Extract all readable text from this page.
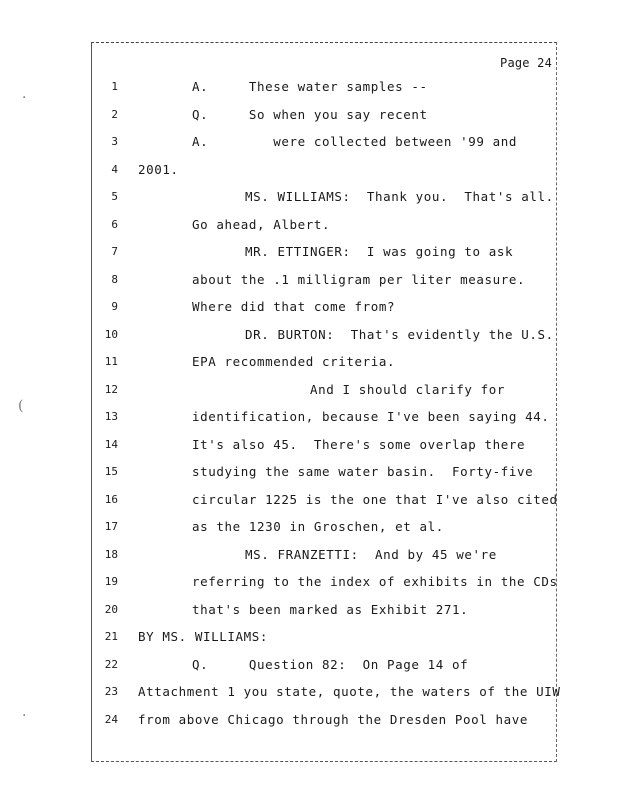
Page 24
·
(
·
1	A.     These water samples --
2	Q.     So when you say recent
3	A.        were collected between '99 and
4 2001.
5	MS. WILLIAMS:  Thank you.  That's all.
6	Go ahead, Albert.
7	MR. ETTINGER:  I was going to ask
8	about the .1 milligram per liter measure.
9	Where did that come from?
10	DR. BURTON:  That's evidently the U.S.
11	EPA recommended criteria.
12	And I should clarify for
13	identification, because I've been saying 44.
14	It's also 45.  There's some overlap there
15	studying the same water basin.  Forty-five
16	circular 1225 is the one that I've also cited
17	as the 1230 in Groschen, et al.
18	MS. FRANZETTI:  And by 45 we're
19	referring to the index of exhibits in the CDs
20	that's been marked as Exhibit 271.
21 BY MS. WILLIAMS:
22	Q.     Question 82:  On Page 14 of
23 Attachment 1 you state, quote, the waters of the UIW
24 from above Chicago through the Dresden Pool have
